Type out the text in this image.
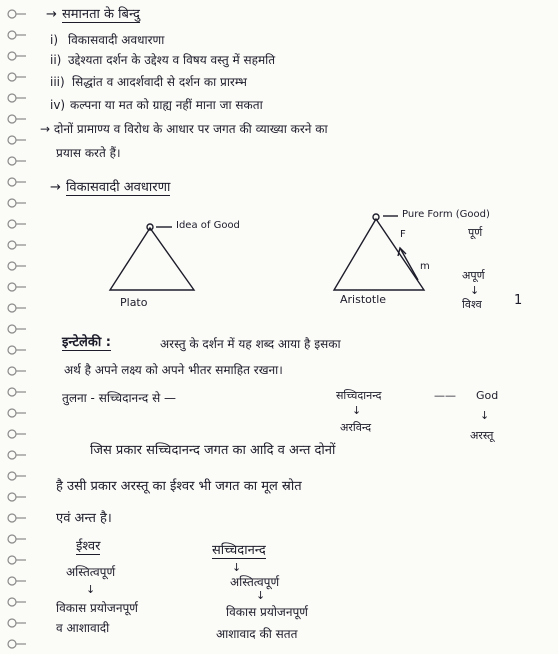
→ समानता के बिन्दु
i) विकासवादी अवधारणा
ii) उद्देश्यता दर्शन के उद्देश्य व विषय वस्तु में सहमति
iii) सिद्धांत व आदर्शवादी से दर्शन का प्रारम्भ
iv) कल्पना या मत को ग्राह्य नहीं माना जा सकता
→ दोनों प्रामाण्य व विरोध के आधार पर जगत की व्याख्या करने का
प्रयास करते हैं।
→ विकासवादी अवधारणा
Idea of Good
Plato
Pure Form (Good)
पूर्ण
F
m
Aristotle
अपूर्ण
↓
विश्व 1
इन्टेलेकी :	अरस्तु के दर्शन में यह शब्द आया है इसका
अर्थ है अपने लक्ष्य को अपने भीतर समाहित रखना।
तुलना - सच्चिदानन्द से —	सच्चिदानन्द	—— God
↓
अरविन्द
↓
अरस्तू
जिस प्रकार सच्चिदानन्द जगत का आदि व अन्त दोनों
है उसी प्रकार अरस्तू का ईश्वर भी जगत का मूल स्रोत
एवं अन्त है।
ईश्वर
अस्तित्वपूर्ण
↓
विकास प्रयोजनपूर्ण
व आशावादी
सच्चिदानन्द
↓
अस्तित्वपूर्ण
↓
विकास प्रयोजनपूर्ण
आशावाद की सतत
